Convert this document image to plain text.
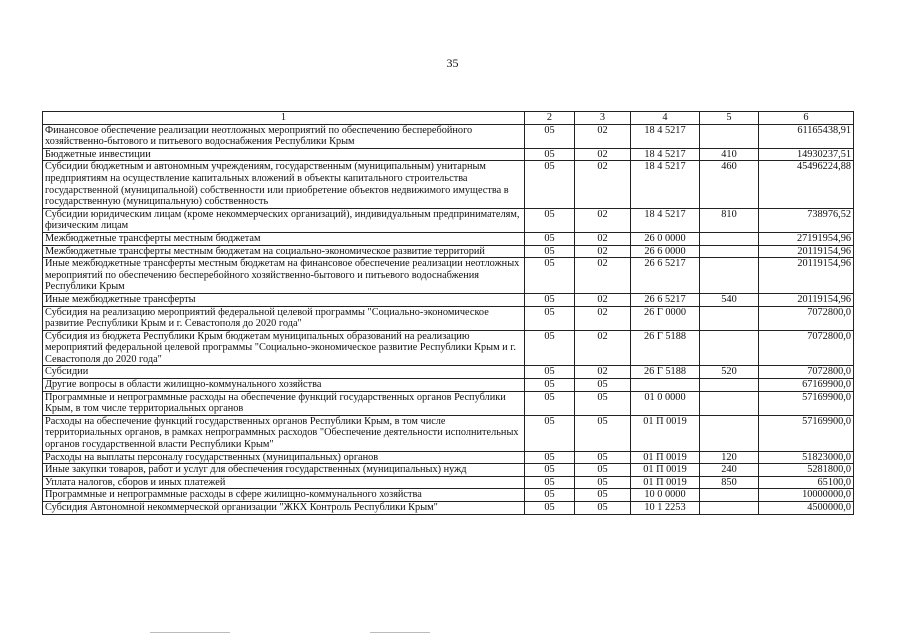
35
1	2	3	4	5	6
Финансовое обеспечение реализации неотложных мероприятий по обеспечению бесперебойного хозяйственно-бытового и питьевого водоснабжения Республики Крым	05	02	18 4 5217		61165438,91
Бюджетные инвестиции	05	02	18 4 5217	410	14930237,51
Субсидии бюджетным и автономным учреждениям, государственным (муниципальным) унитарным предприятиям на осуществление капитальных вложений в объекты капитального строительства государственной (муниципальной) собственности или приобретение объектов недвижимого имущества в государственную (муниципальную) собственность	05	02	18 4 5217	460	45496224,88
Субсидии юридическим лицам (кроме некоммерческих организаций), индивидуальным предпринимателям, физическим лицам	05	02	18 4 5217	810	738976,52
Межбюджетные трансферты местным бюджетам	05	02	26 0 0000		27191954,96
Межбюджетные трансферты местным бюджетам на социально-экономическое развитие территорий	05	02	26 6 0000		20119154,96
Иные межбюджетные трансферты местным бюджетам на финансовое обеспечение реализации неотложных мероприятий по обеспечению бесперебойного хозяйственно-бытового и питьевого водоснабжения Республики Крым	05	02	26 6 5217		20119154,96
Иные межбюджетные трансферты	05	02	26 6 5217	540	20119154,96
Субсидия на реализацию мероприятий федеральной целевой программы "Социально-экономическое развитие Республики Крым и г. Севастополя до 2020 года"	05	02	26 Г 0000		7072800,0
Субсидия из бюджета Республики Крым бюджетам муниципальных образований на реализацию мероприятий федеральной целевой программы "Социально-экономическое развитие Республики Крым и г. Севастополя до 2020 года"	05	02	26 Г 5188		7072800,0
Субсидии	05	02	26 Г 5188	520	7072800,0
Другие вопросы в области жилищно-коммунального хозяйства	05	05			67169900,0
Программные и непрограммные расходы на обеспечение функций государственных органов Республики Крым, в том числе территориальных органов	05	05	01 0 0000		57169900,0
Расходы на обеспечение функций государственных органов Республики Крым, в том числе территориальных органов, в рамках непрограммных расходов "Обеспечение деятельности исполнительных органов государственной власти Республики Крым"	05	05	01 П 0019		57169900,0
Расходы на выплаты персоналу государственных (муниципальных) органов	05	05	01 П 0019	120	51823000,0
Иные закупки товаров, работ и услуг для обеспечения государственных (муниципальных) нужд	05	05	01 П 0019	240	5281800,0
Уплата налогов, сборов и иных платежей	05	05	01 П 0019	850	65100,0
Программные и непрограммные расходы в сфере жилищно-коммунального хозяйства	05	05	10 0 0000		10000000,0
Субсидия Автономной некоммерческой организации "ЖКХ Контроль Республики Крым"	05	05	10 1 2253		4500000,0
